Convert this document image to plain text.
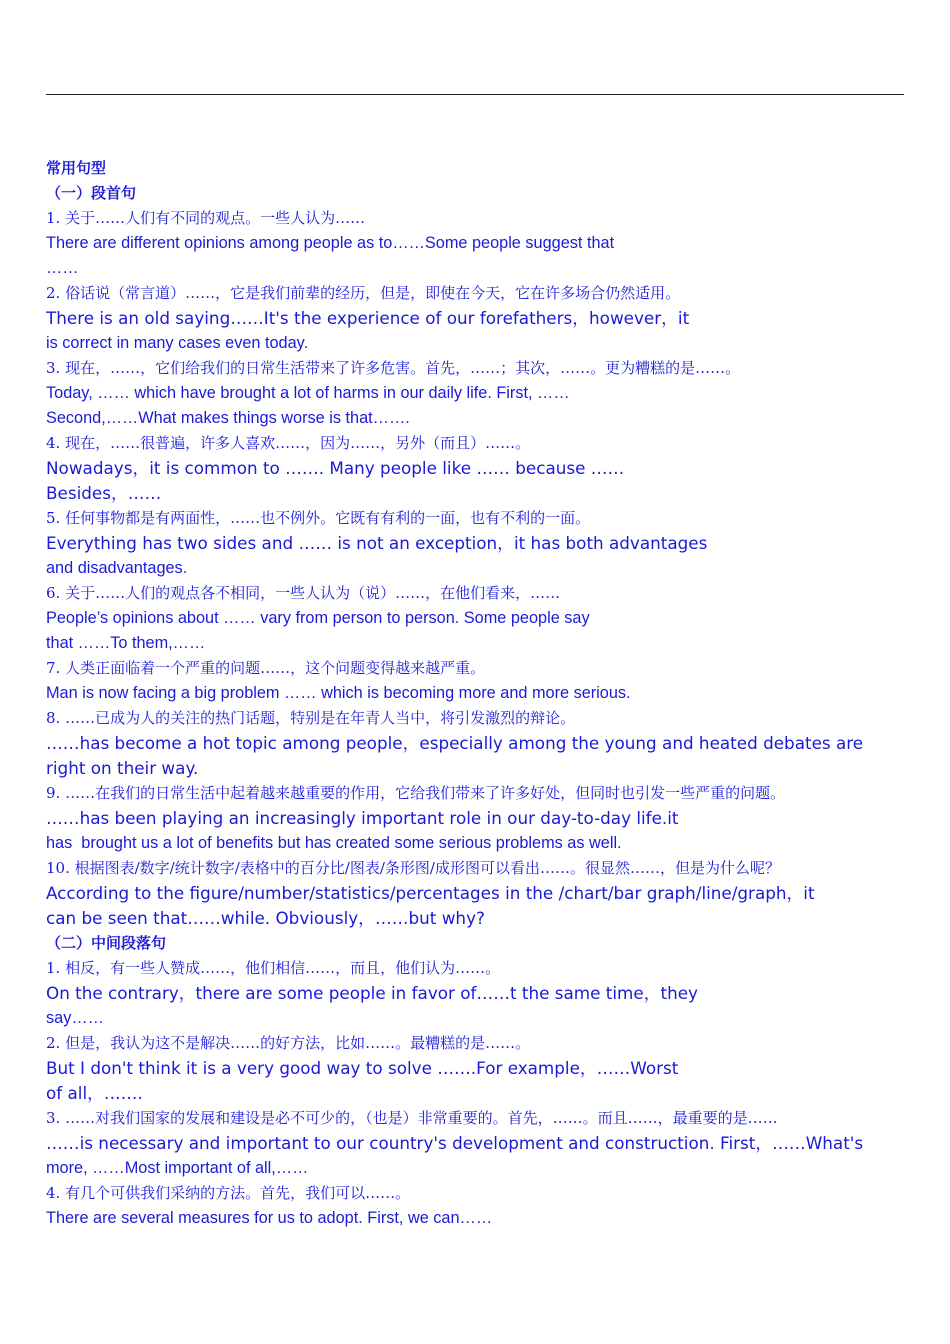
常用句型
（一）段首句
1. 关于……人们有不同的观点。一些人认为……
There are different opinions among people as to……Some people suggest that
……
2. 俗话说（常言道）……，它是我们前辈的经历，但是，即使在今天，它在许多场合仍然适用。
There is an old saying……It's the experience of our forefathers，however，it
is correct in many cases even today.
3. 现在，……，它们给我们的日常生活带来了许多危害。首先，……；其次，……。更为糟糕的是……。
Today, …… which have brought a lot of harms in our daily life. First, ……
Second,……What makes things worse is that…….
4. 现在，……很普遍，许多人喜欢……，因为……，另外（而且）……。
Nowadays，it is common to ……. Many people like …… because ……
Besides，……
5. 任何事物都是有两面性，……也不例外。它既有有利的一面，也有不利的一面。
Everything has two sides and …… is not an exception，it has both advantages
and disadvantages.
6. 关于……人们的观点各不相同，一些人认为（说）……，在他们看来，……
People’s opinions about …… vary from person to person. Some people say
that ……To them,……
7. 人类正面临着一个严重的问题……，这个问题变得越来越严重。
Man is now facing a big problem …… which is becoming more and more serious.
8. ……已成为人的关注的热门话题，特别是在年青人当中，将引发激烈的辩论。
……has become a hot topic among people，especially among the young and heated debates are
right on their way.
9. ……在我们的日常生活中起着越来越重要的作用，它给我们带来了许多好处，但同时也引发一些严重的问题。
……has been playing an increasingly important role in our day-to-day life.it
has  brought us a lot of benefits but has created some serious problems as well.
10. 根据图表/数字/统计数字/表格中的百分比/图表/条形图/成形图可以看出……。很显然……，但是为什么呢？
According to the figure/number/statistics/percentages in the /chart/bar graph/line/graph，it
can be seen that……while. Obviously，……but why?
（二）中间段落句
1. 相反，有一些人赞成……，他们相信……，而且，他们认为……。
On the contrary，there are some people in favor of……t the same time，they
say……
2. 但是，我认为这不是解决……的好方法，比如……。最糟糕的是……。
But I don't think it is a very good way to solve …….For example，……Worst
of all，…….
3. ……对我们国家的发展和建设是必不可少的，（也是）非常重要的。首先，……。而且……，最重要的是……
……is necessary and important to our country's development and construction. First，……What's
more, ……Most important of all,……
4. 有几个可供我们采纳的方法。首先，我们可以……。
There are several measures for us to adopt. First, we can……
